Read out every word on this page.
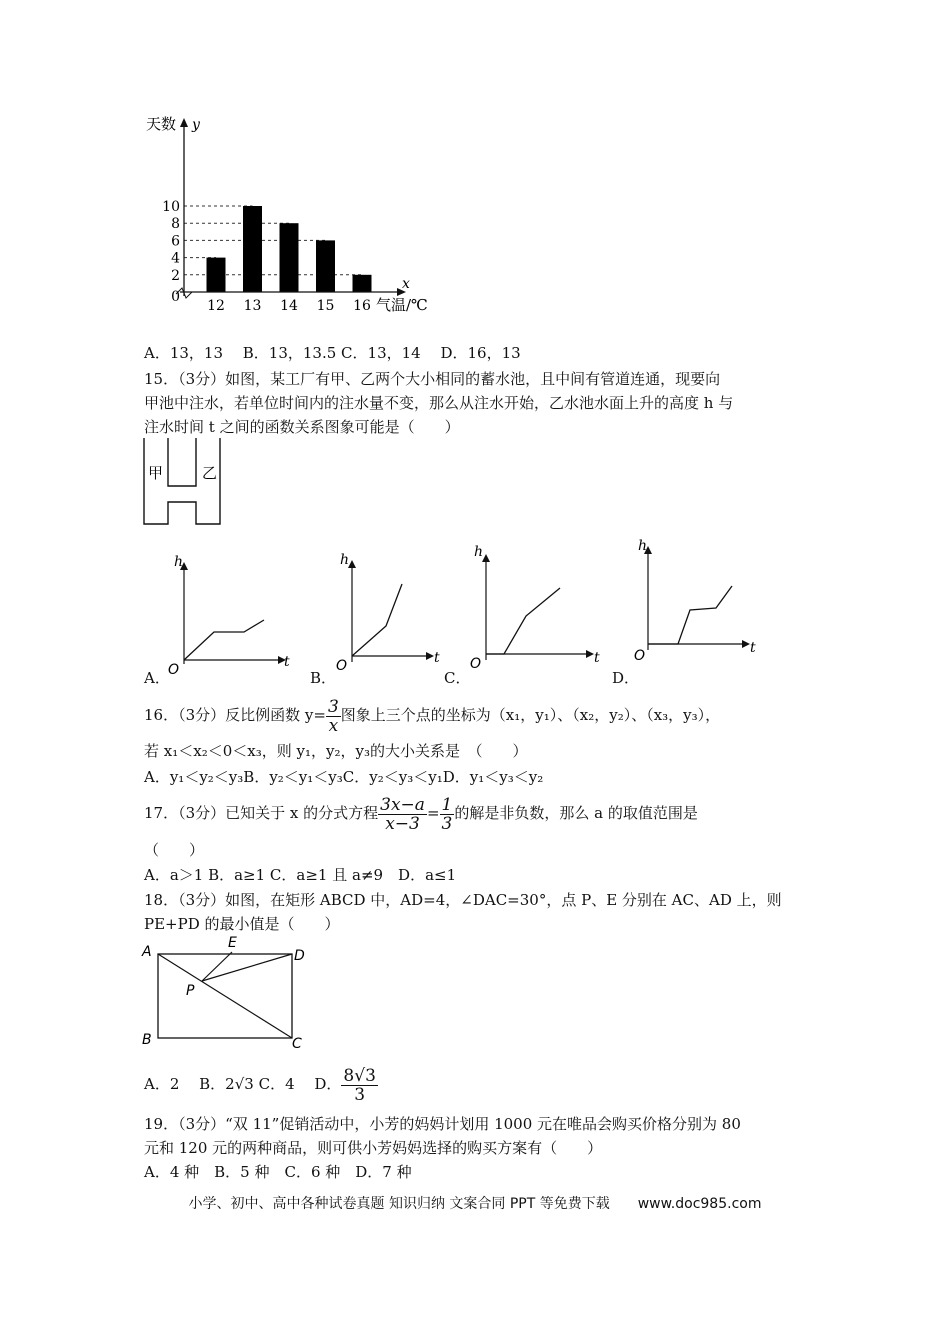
0
2
4
6
8
10
12 13 14 15 16
天数 y
x
气温/℃
A．13，13　 B．13，13.5 C．13，14　 D．16，13
15．（3分）如图，某工厂有甲、乙两个大小相同的蓄水池，且中间有管道连通，现要向
甲池中注水，若单位时间内的注水量不变，那么从注水开始，乙水池水面上升的高度 h 与
注水时间 t 之间的函数关系图象可能是（　　）
甲	乙
h
t
O
h
t
O
h
t
O
h
t
O
A．	B．	C．	D．
16．（3分）反比例函数 $y= \frac{3}{x}$ 图象上三个点的坐标为（x₁，y₁）、（x₂，y₂）、（x₃，y₃），
若 x₁＜x₂＜0＜x₃，则 y₁，y₂，y₃的大小关系是　（　　）
A．y₁＜y₂＜y₃B．y₂＜y₁＜y₃C．y₂＜y₃＜y₁D．y₁＜y₃＜y₂
17．（3分）已知关于 x 的分式方程 $\frac{3x-a}{x-3} = \frac{1}{3}$ 的解是非负数，那么 a 的取值范围是
（　　）
A．a＞1 B．a≥1 C．a≥1 且 a≠9　D．a≤1
18．（3分）如图，在矩形 ABCD 中，AD=4，∠DAC=30°，点 P、E 分别在 AC、AD 上，则
PE+PD 的最小值是（　　）
A
B	C
D
E
P
A．2　 B．2√3 C．4　 D． $\frac{8√3}{3}$
19．（3分）“双 11”促销活动中，小芳的妈妈计划用 1000 元在唯品会购买价格分别为 80
元和 120 元的两种商品，则可供小芳妈妈选择的购买方案有（　　）
A．4 种　B．5 种　C．6 种　D．7 种
小学、初中、高中各种试卷真题 知识归纳 文案合同 PPT 等免费下载　　www.doc985.com
